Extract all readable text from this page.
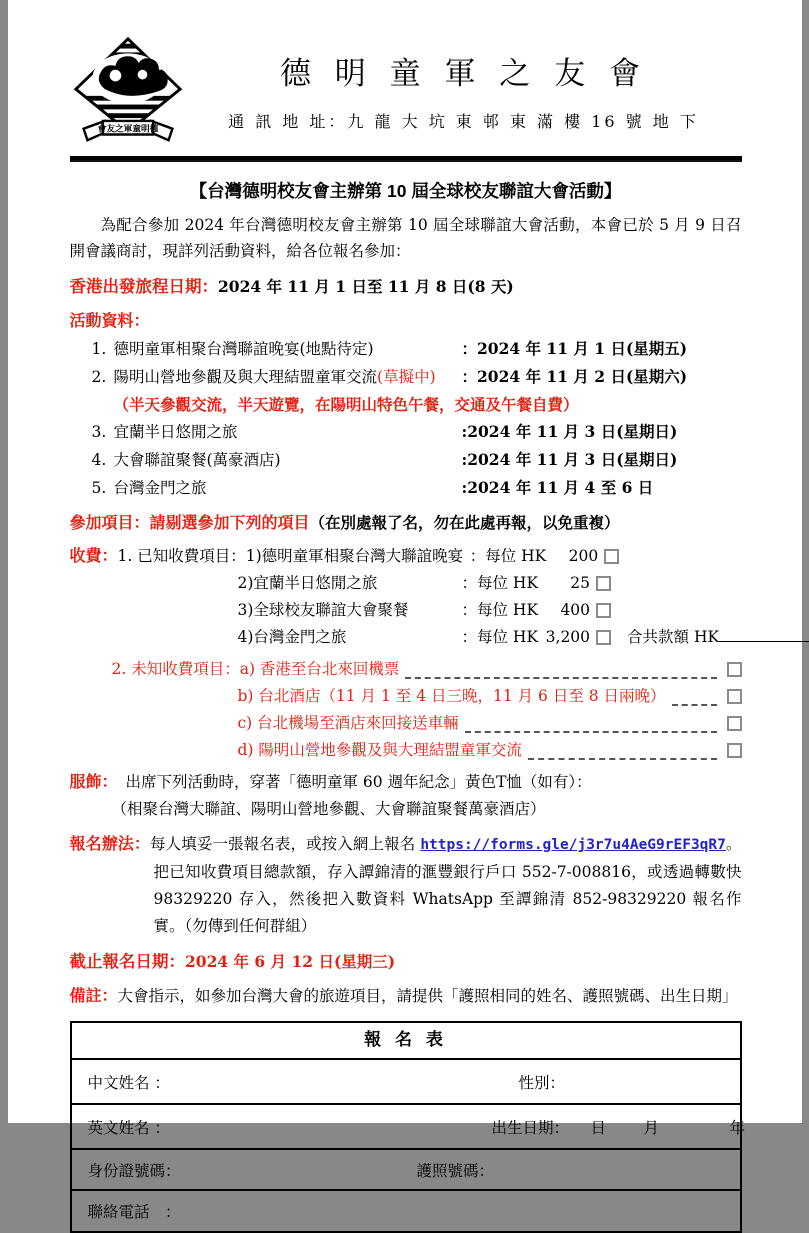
會友之軍童明德
德 明 童 軍 之 友 會
通 訊 地 址：九 龍 大 坑 東 邨 東 滿 樓 16 號 地 下
【台灣德明校友會主辦第 10 屆全球校友聯誼大會活動】
為配合參加 2024 年台灣德明校友會主辦第 10 屆全球聯誼大會活動，本會已於 5 月 9 日召開會議商討，現詳列活動資料，給各位報名參加：
香港出發旅程日期：2024 年 11 月 1 日至 11 月 8 日(8 天)
活動資料：
1. 德明童軍相聚台灣聯誼晚宴(地點待定)	：2024 年 11 月 1 日(星期五)
2. 陽明山營地參觀及與大理結盟童軍交流(草擬中)	：2024 年 11 月 2 日(星期六)
（半天參觀交流，半天遊覽，在陽明山特色午餐，交通及午餐自費）
3. 宜蘭半日悠閒之旅	:2024 年 11 月 3 日(星期日)
4. 大會聯誼聚餐(萬豪酒店)	:2024 年 11 月 3 日(星期日)
5. 台灣金門之旅	:2024 年 11 月 4 至 6 日
參加項目：請剔選參加下列的項目（在別處報了名，勿在此處再報，以免重複）
收費：1. 已知收費項目： 1)德明童軍相聚台灣大聯誼晚宴 ：每位 HK	200
2)宜蘭半日悠閒之旅	：每位 HK	25
3)全球校友聯誼大會聚餐	：每位 HK	400
4)台灣金門之旅	：每位 HK 3,200	合共款額 HK
2. 未知收費項目： a) 香港至台北來回機票
b) 台北酒店（11 月 1 至 4 日三晚，11 月 6 日至 8 日兩晚）
c) 台北機場至酒店來回接送車輛
d) 陽明山營地參觀及與大理結盟童軍交流
服飾： 出席下列活動時，穿著「德明童軍 60 週年紀念」黃色T恤（如有）：
（相聚台灣大聯誼、陽明山營地參觀、大會聯誼聚餐萬豪酒店）
報名辦法：每人填妥一張報名表，或按入網上報名 https://forms.gle/j3r7u4AeG9rEF3qR7。把已知收費項目總款額，存入譚錦清的滙豐銀行戶口 552-7-008816，或透過轉數快 98329220 存入，然後把入數資料 WhatsApp 至譚錦清 852-98329220 報名作實。（勿傳到任何群組）
截止報名日期：2024 年 6 月 12 日(星期三)
備註：大會指示，如參加台灣大會的旅遊項目，請提供「護照相同的姓名、護照號碼、出生日期」
報 名 表
中文姓名 ：	性別：
英文姓名 ：	出生日期： 日 月	年
身份證號碼：	護照號碼：
聯絡電話　：
